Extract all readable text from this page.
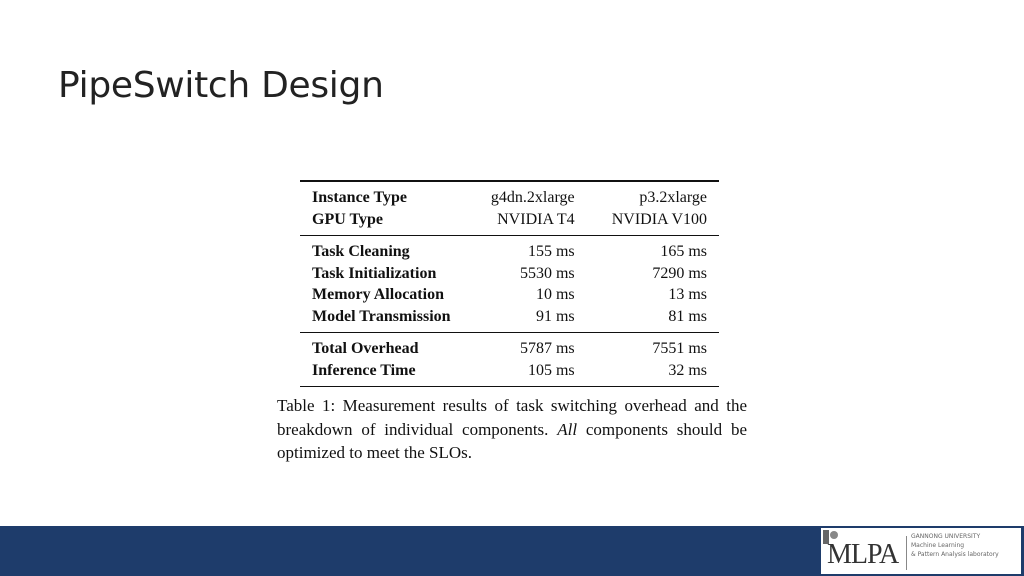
PipeSwitch Design
Instance Type	g4dn.2xlarge	p3.2xlarge
GPU Type	NVIDIA T4	NVIDIA V100
Task Cleaning	155 ms	165 ms
Task Initialization	5530 ms	7290 ms
Memory Allocation	10 ms	13 ms
Model Transmission	91 ms	81 ms
Total Overhead	5787 ms	7551 ms
Inference Time	105 ms	32 ms
Table 1: Measurement results of task switching overhead and the breakdown of individual components. All components should be optimized to meet the SLOs.
MLPA
GANNONG UNIVERSITY
Machine Learning
& Pattern Analysis laboratory
